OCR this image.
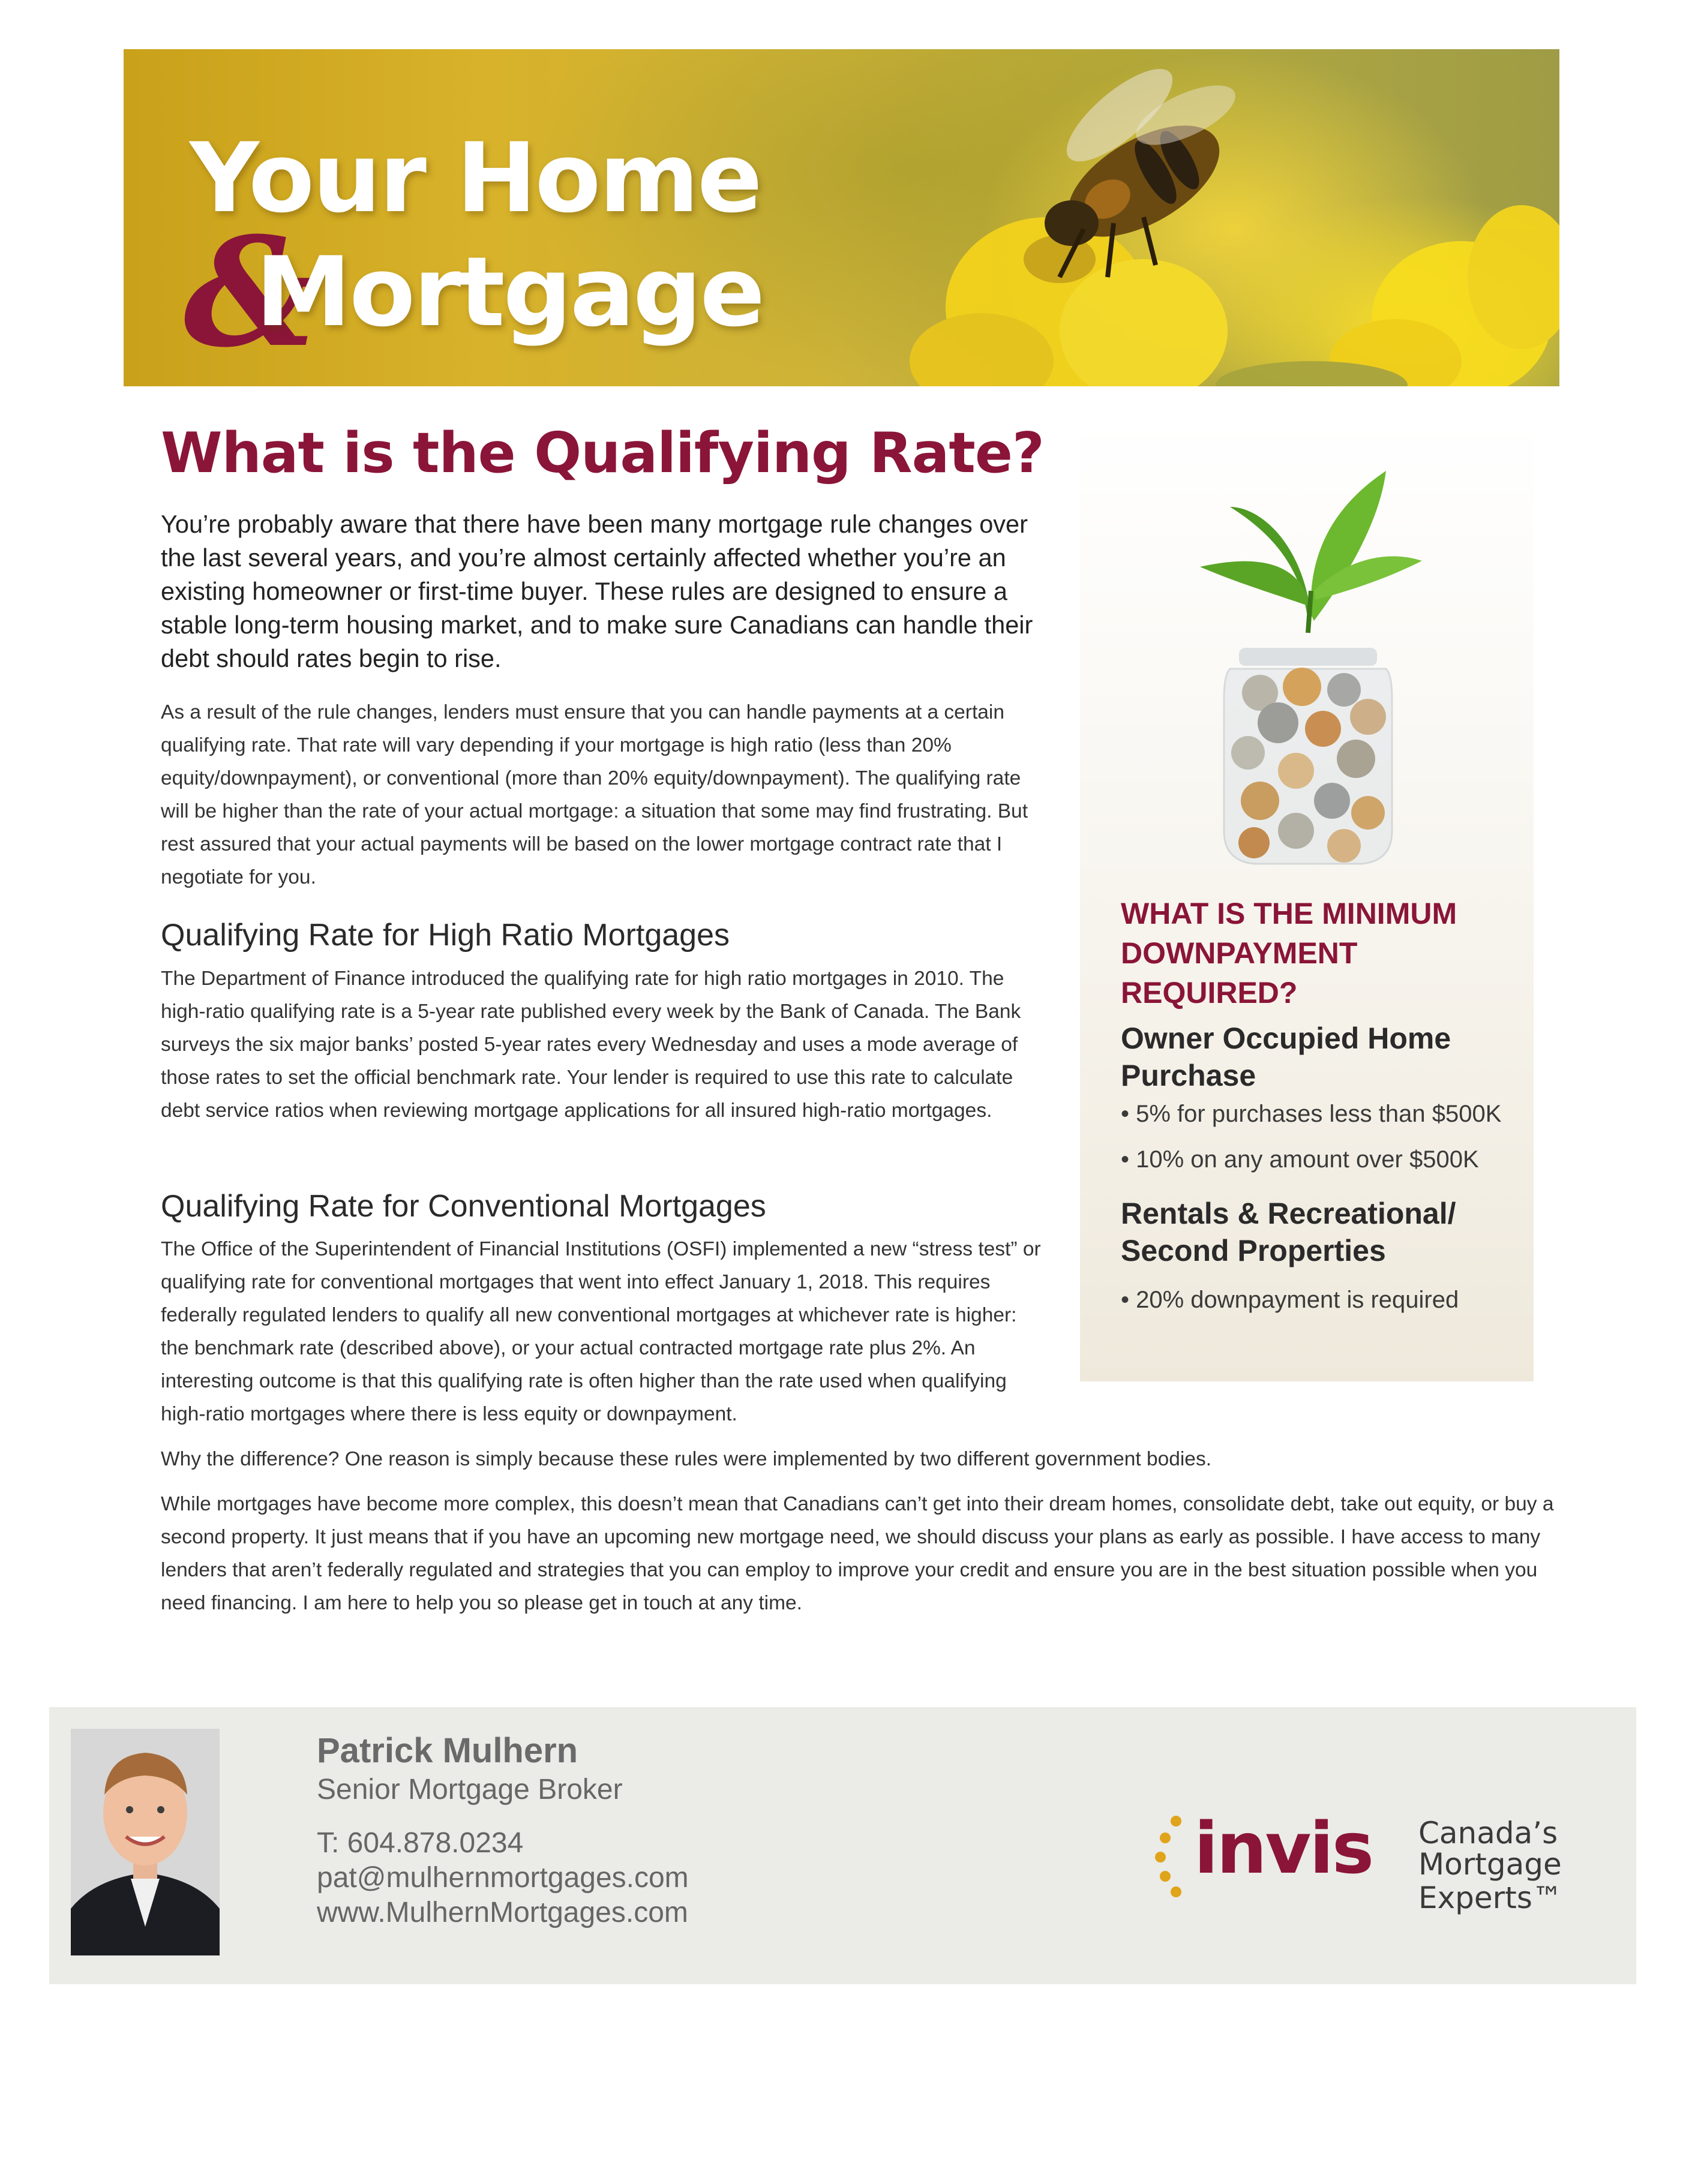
Your Home
&
Mortgage
WHAT IS THE MINIMUM DOWNPAYMENT REQUIRED?
Owner Occupied Home Purchase

• 5% for purchases less than $500K

• 10% on any amount over $500K

Rentals & Recreational/ Second Properties

• 20% downpayment is required

What is the Qualifying Rate?

You’re probably aware that there have been many mortgage rule changes over the last several years, and you’re almost certainly affected whether you’re an existing homeowner or first-time buyer. These rules are designed to ensure a stable long-term housing market, and to make sure Canadians can handle their debt should rates begin to rise.

As a result of the rule changes, lenders must ensure that you can handle payments at a certain qualifying rate. That rate will vary depending if your mortgage is high ratio (less than 20% equity/downpayment), or conventional (more than 20% equity/downpayment). The qualifying rate will be higher than the rate of your actual mortgage: a situation that some may find frustrating. But rest assured that your actual payments will be based on the lower mortgage contract rate that I negotiate for you.

Qualifying Rate for High Ratio Mortgages

The Department of Finance introduced the qualifying rate for high ratio mortgages in 2010. The high-ratio qualifying rate is a 5-year rate published every week by the Bank of Canada. The Bank surveys the six major banks’ posted 5-year rates every Wednesday and uses a mode average of those rates to set the official benchmark rate. Your lender is required to use this rate to calculate debt service ratios when reviewing mortgage applications for all insured high-ratio mortgages.

Qualifying Rate for Conventional Mortgages

The Office of the Superintendent of Financial Institutions (OSFI) implemented a new “stress test” or qualifying rate for conventional mortgages that went into effect January 1, 2018. This requires federally regulated lenders to qualify all new conventional mortgages at whichever rate is higher: the benchmark rate (described above), or your actual contracted mortgage rate plus 2%. An interesting outcome is that this qualifying rate is often higher than the rate used when qualifying high-ratio mortgages where there is less equity or downpayment.

Why the difference? One reason is simply because these rules were implemented by two different government bodies.

While mortgages have become more complex, this doesn’t mean that Canadians can’t get into their dream homes, consolidate debt, take out equity, or buy a second property. It just means that if you have an upcoming new mortgage need, we should discuss your plans as early as possible. I have access to many lenders that aren’t federally regulated and strategies that you can employ to improve your credit and ensure you are in the best situation possible when you need financing. I am here to help you so please get in touch at any time.

Patrick Mulhern

Senior Mortgage Broker

T: 604.878.0234

pat@mulhernmortgages.com

www.MulhernMortgages.com

invis Canada’s

Mortgage Experts™
